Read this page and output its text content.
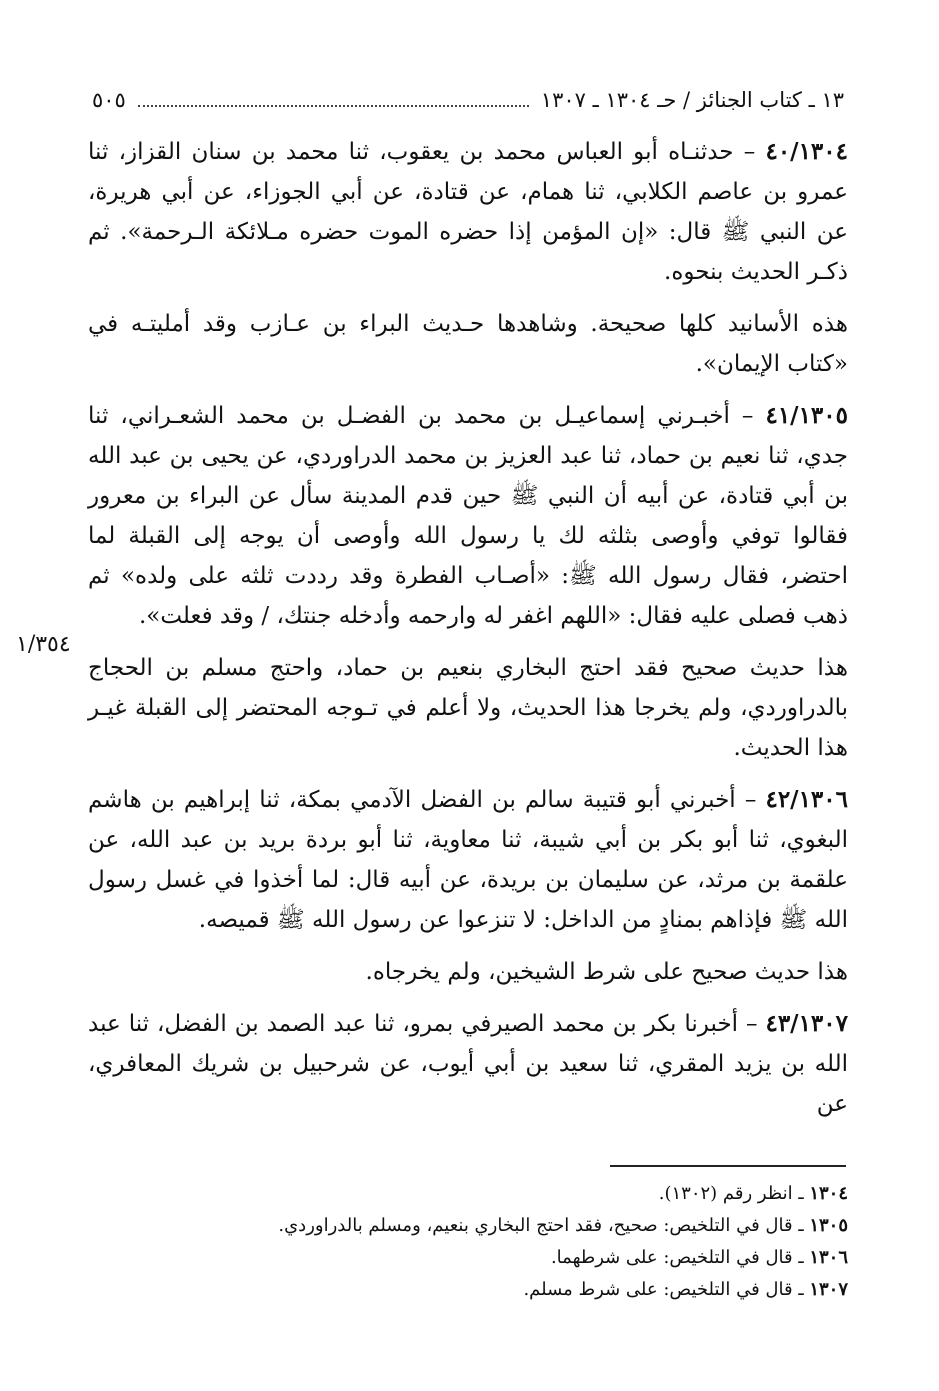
١٣ ـ كتاب الجنائز / حـ ١٣٠٤ ـ ١٣٠٧
٥٠٥
١/٣٥٤

٤٠/١٣٠٤ – حدثنـاه أبو العباس محمد بن يعقوب، ثنا محمد بن سنان القزاز، ثنا عمرو بن عاصم الكلابي، ثنا همام، عن قتادة، عن أبي الجوزاء، عن أبي هريرة، عن النبي ﷺ قال: «إن المؤمن إذا حضره الموت حضره مـلائكة الـرحمة». ثم ذكـر الحديث بنحوه.

هذه الأسانيد كلها صحيحة. وشاهدها حـديث البراء بن عـازب وقد أمليتـه في «كتاب الإيمان».

٤١/١٣٠٥ – أخبـرني إسماعيـل بن محمد بن الفضـل بن محمد الشعـراني، ثنا جدي، ثنا نعيم بن حماد، ثنا عبد العزيز بن محمد الدراوردي، عن يحيى بن عبد الله بن أبي قتادة، عن أبيه أن النبي ﷺ حين قدم المدينة سأل عن البراء بن معرور فقالوا توفي وأوصى بثلثه لك يا رسول الله وأوصى أن يوجه إلى القبلة لما احتضر، فقال رسول الله ﷺ: «أصـاب الفطرة وقد رددت ثلثه على ولده» ثم ذهب فصلى عليه فقال: «اللهم اغفر له وارحمه وأدخله جنتك، / وقد فعلت».

هذا حديث صحيح فقد احتج البخاري بنعيم بن حماد، واحتج مسلم بن الحجاج بالدراوردي، ولم يخرجا هذا الحديث، ولا أعلم في تـوجه المحتضر إلى القبلة غيـر هذا الحديث.

٤٢/١٣٠٦ – أخبرني أبو قتيبة سالم بن الفضل الآدمي بمكة، ثنا إبراهيم بن هاشم البغوي، ثنا أبو بكر بن أبي شيبة، ثنا معاوية، ثنا أبو بردة بريد بن عبد الله، عن علقمة بن مرثد، عن سليمان بن بريدة، عن أبيه قال: لما أخذوا في غسل رسول الله ﷺ فإذاهم بمنادٍ من الداخل: لا تنزعوا عن رسول الله ﷺ قميصه.

هذا حديث صحيح على شرط الشيخين، ولم يخرجاه.

٤٣/١٣٠٧ – أخبرنا بكر بن محمد الصيرفي بمرو، ثنا عبد الصمد بن الفضل، ثنا عبد الله بن يزيد المقري، ثنا سعيد بن أبي أيوب، عن شرحبيل بن شريك المعافري، عن

١٣٠٤ ـ انظر رقم (١٣٠٢).
١٣٠٥ ـ قال في التلخيص: صحيح، فقد احتج البخاري بنعيم، ومسلم بالدراوردي.
١٣٠٦ ـ قال في التلخيص: على شرطهما.
١٣٠٧ ـ قال في التلخيص: على شرط مسلم.
